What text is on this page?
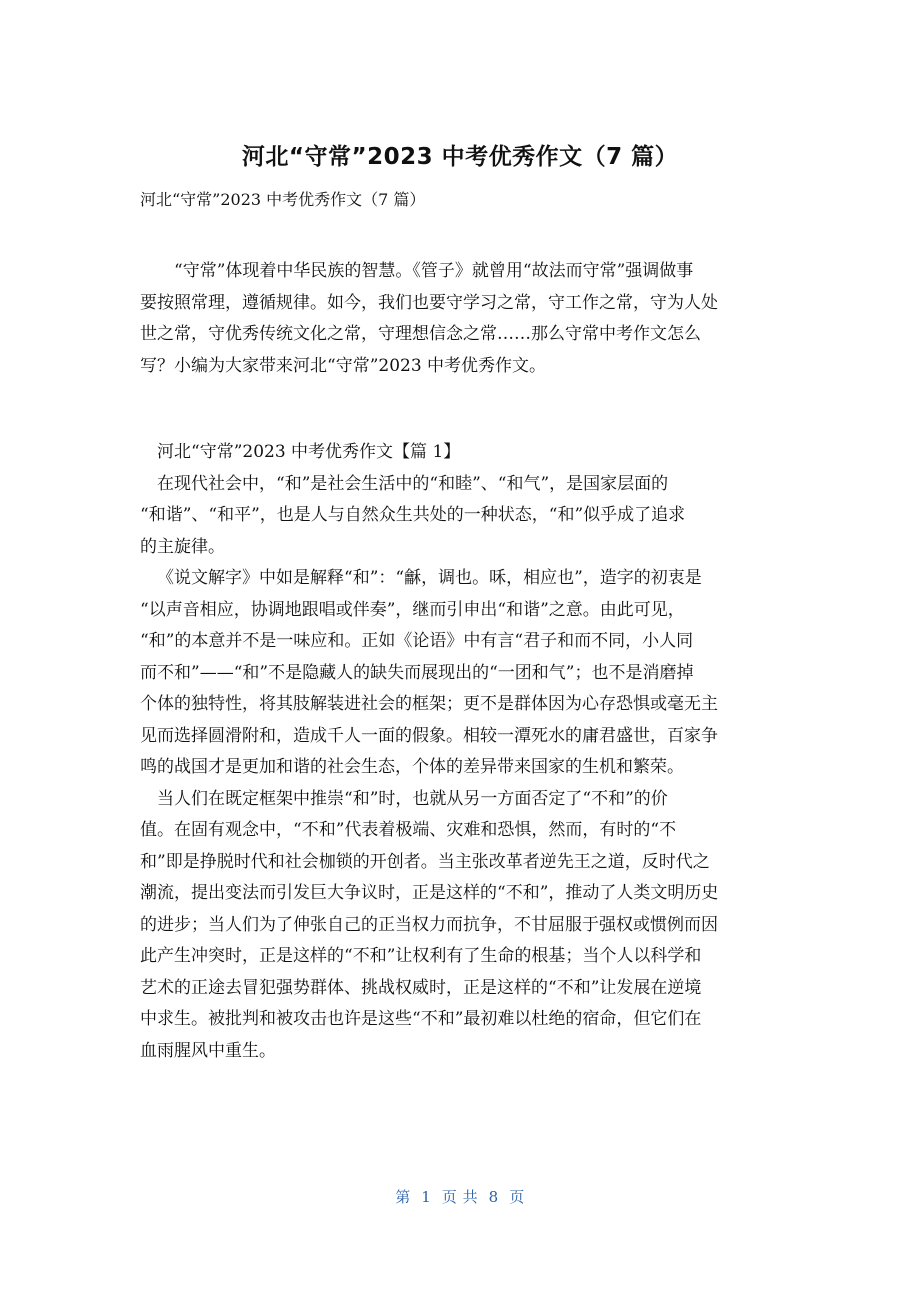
河北“守常”2023 中考优秀作文（7 篇）
河北“守常”2023 中考优秀作文（7 篇）
“守常”体现着中华民族的智慧。《管子》就曾用“故法而守常”强调做事
要按照常理，遵循规律。如今，我们也要守学习之常，守工作之常，守为人处
世之常，守优秀传统文化之常，守理想信念之常……那么守常中考作文怎么
写？小编为大家带来河北“守常”2023 中考优秀作文。
河北“守常”2023 中考优秀作文【篇 1】
在现代社会中，“和”是社会生活中的“和睦”、“和气”，是国家层面的
“和谐”、“和平”，也是人与自然众生共处的一种状态，“和”似乎成了追求
的主旋律。
《说文解字》中如是解释“和”：“龢，调也。咊，相应也”，造字的初衷是
“以声音相应，协调地跟唱或伴奏”，继而引申出“和谐”之意。由此可见，
“和”的本意并不是一味应和。正如《论语》中有言“君子和而不同，小人同
而不和”——“和”不是隐藏人的缺失而展现出的“一团和气”；也不是消磨掉
个体的独特性，将其肢解装进社会的框架；更不是群体因为心存恐惧或毫无主
见而选择圆滑附和，造成千人一面的假象。相较一潭死水的庸君盛世，百家争
鸣的战国才是更加和谐的社会生态，个体的差异带来国家的生机和繁荣。
当人们在既定框架中推崇“和”时，也就从另一方面否定了“不和”的价
值。在固有观念中，“不和”代表着极端、灾难和恐惧，然而，有时的“不
和”即是挣脱时代和社会枷锁的开创者。当主张改革者逆先王之道，反时代之
潮流，提出变法而引发巨大争议时，正是这样的“不和”，推动了人类文明历史
的进步；当人们为了伸张自己的正当权力而抗争，不甘屈服于强权或惯例而因
此产生冲突时，正是这样的“不和”让权利有了生命的根基；当个人以科学和
艺术的正途去冒犯强势群体、挑战权威时，正是这样的“不和”让发展在逆境
中求生。被批判和被攻击也许是这些“不和”最初难以杜绝的宿命，但它们在
血雨腥风中重生。
第  1  页 共  8  页
